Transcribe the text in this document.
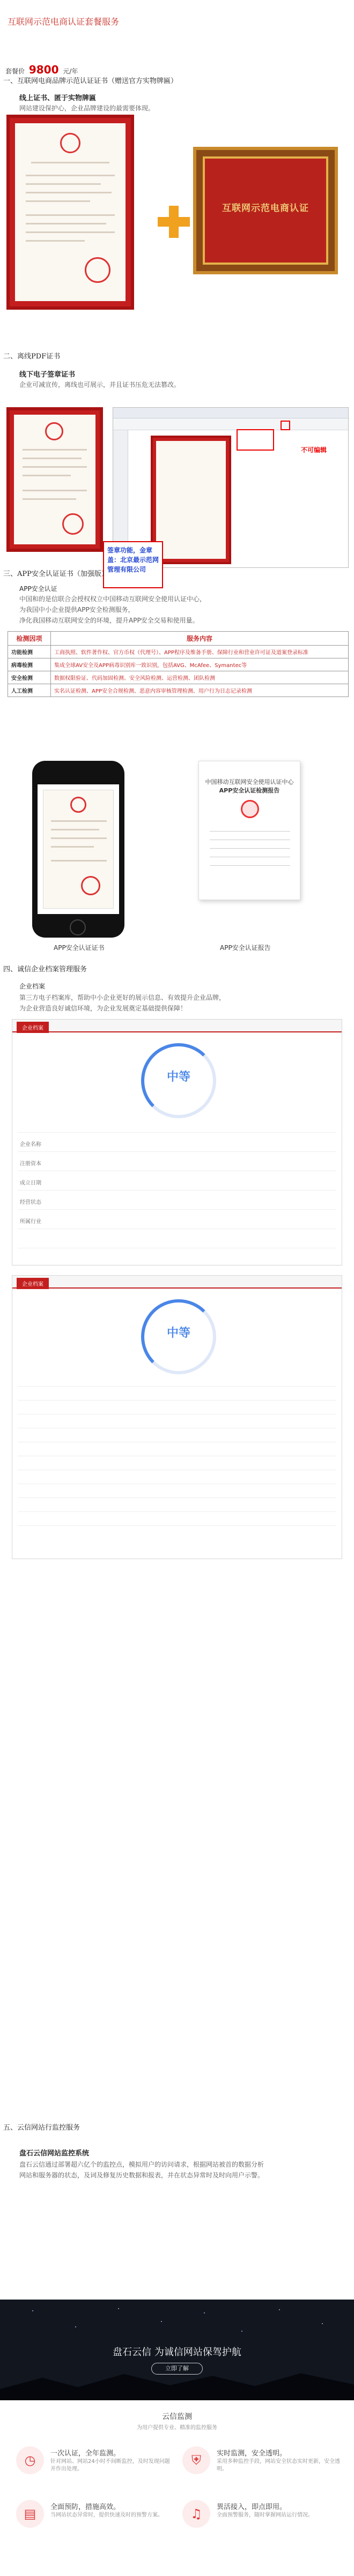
互联网示范电商认证套餐服务
套餐价 9800 元/年
一、互联网电商品牌示范认证证书（赠送官方实物牌匾）
线上证书、匿于实物牌匾
网站建设保护心，企业品牌建设的最需要体现。
互联网示范电商认证
二、离线PDF证书
线下电子签章证书
企业可减宣传，离线也可展示，并且证书压危无法篡改。
不可编辑
签章功能，金章盖：北京最示范网管理有限公司
三、APP安全认证证书（加强版）
APP安全认证
中国和的是信联合会授权权立中国移动互联网安全使用认证中心，
为我国中小企业提供APP安全检测服务，
净化我国移动互联网安全的环境，提升APP安全交易和使用量。
检测因项	服务内容
功能检测	工商执照、软件著作权、官方币权（代理号）、APP程序及维备手册、保障行业和营业许可证及道案登录标准
病毒检测	集成全球AV安全及APP病毒识别库一致识别，包括AVG、McAfee、Symantec等
安全检测	数据权限验证、代码加固检测、安全风险检测、运营检测、团队检测
人工检测	实名认证检测、APP安全合规检测、恶意内容审核管理检测、用户行为日志记录检测
中国移动互联网安全使用认证中心
APP安全认证检测报告
APP安全认证证书	APP安全认证报告
四、诚信企业档案管理服务
企业档案
第三方电子档案库，帮助中小企业更好的展示信息、有效提升企业品牌，
为企业营造良好诚信环境，为企业发展奠定基础提供保障！
企业档案
中等
企业名称
注册资本
成立日期
经营状态
所属行业
企业档案
中等
五、云信网站行监控服务
盘石云信网站监控系统
盘石云信通过部署超六亿个的监控点，模拟用户的访问请求，根据网站被首的数据分析
网站和服务器的状态，及词及修复历史数据和报表，并在状态异常时及时向用户示警。
盘石云信 为诚信网站保驾护航
立即了解
云信监测
为用户提供专业、精准的监控服务
◷	一次认证，全年监测。
针对网站、网站24小时不间断监控，及时发现问题并作出处理。
⛨	实时监测，安全透明。
采用多种监控手段，网站安全状态实时更新，安全透明。
▤	全面预防，措施高效。
当网站状态异常时，提供快速及时的预警方案。	♫	異活接入，即点即用。
全面预警服务，随时掌握网站运行情况。
